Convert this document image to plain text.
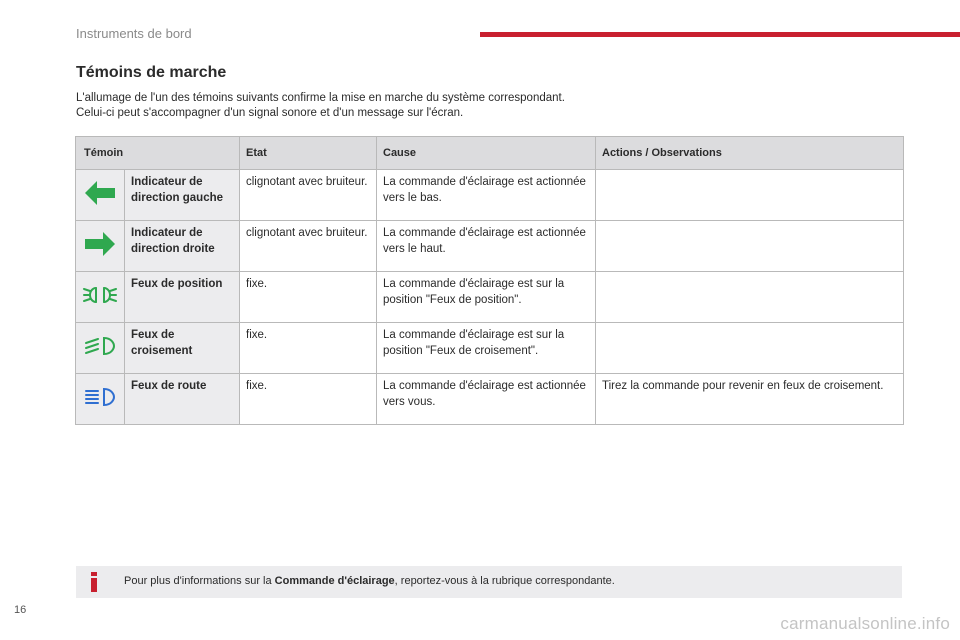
Instruments de bord
Témoins de marche

L'allumage de l'un des témoins suivants confirme la mise en marche du système correspondant.
Celui-ci peut s'accompagner d'un signal sonore et d'un message sur l'écran.

Témoin		Etat	Cause	Actions / Observations
	Indicateur de direction gauche	clignotant avec bruiteur.	La commande d'éclairage est actionnée vers le bas.	
	Indicateur de direction droite	clignotant avec bruiteur.	La commande d'éclairage est actionnée vers le haut.	
	Feux de position	fixe.	La commande d'éclairage est sur la position "Feux de position".	
	Feux de croisement	fixe.	La commande d'éclairage est sur la position "Feux de croisement".	
	Feux de route	fixe.	La commande d'éclairage est actionnée vers vous.	Tirez la commande pour revenir en feux de croisement.
Pour plus d'informations sur la Commande d'éclairage, reportez-vous à la rubrique correspondante.
16
carmanualsonline.info
